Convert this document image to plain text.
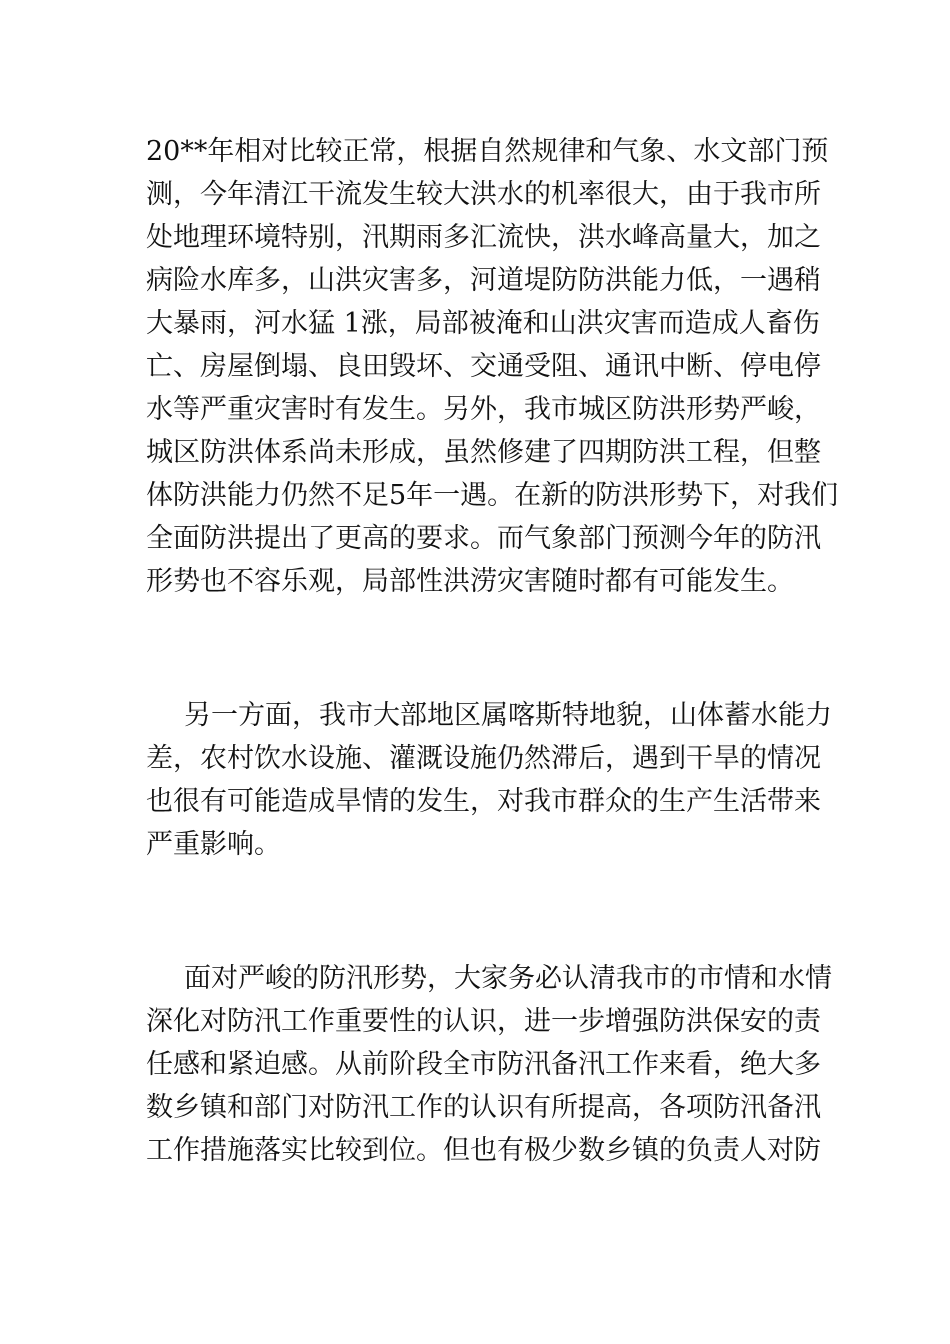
20**年相对比较正常，根据自然规律和气象、水文部门预
测，今年清江干流发生较大洪水的机率很大，由于我市所
处地理环境特别，汛期雨多汇流快，洪水峰高量大，加之
病险水库多，山洪灾害多，河道堤防防洪能力低，一遇稍
大暴雨，河水猛 1涨，局部被淹和山洪灾害而造成人畜伤
亡、房屋倒塌、良田毁坏、交通受阻、通讯中断、停电停
水等严重灾害时有发生。另外，我市城区防洪形势严峻，
城区防洪体系尚未形成，虽然修建了四期防洪工程，但整
体防洪能力仍然不足5年一遇。在新的防洪形势下，对我们
全面防洪提出了更高的要求。而气象部门预测今年的防汛
形势也不容乐观，局部性洪涝灾害随时都有可能发生。
另一方面，我市大部地区属喀斯特地貌，山体蓄水能力
差，农村饮水设施、灌溉设施仍然滞后，遇到干旱的情况
也很有可能造成旱情的发生，对我市群众的生产生活带来
严重影响。
面对严峻的防汛形势，大家务必认清我市的市情和水情
深化对防汛工作重要性的认识，进一步增强防洪保安的责
任感和紧迫感。从前阶段全市防汛备汛工作来看，绝大多
数乡镇和部门对防汛工作的认识有所提高，各项防汛备汛
工作措施落实比较到位。但也有极少数乡镇的负责人对防
